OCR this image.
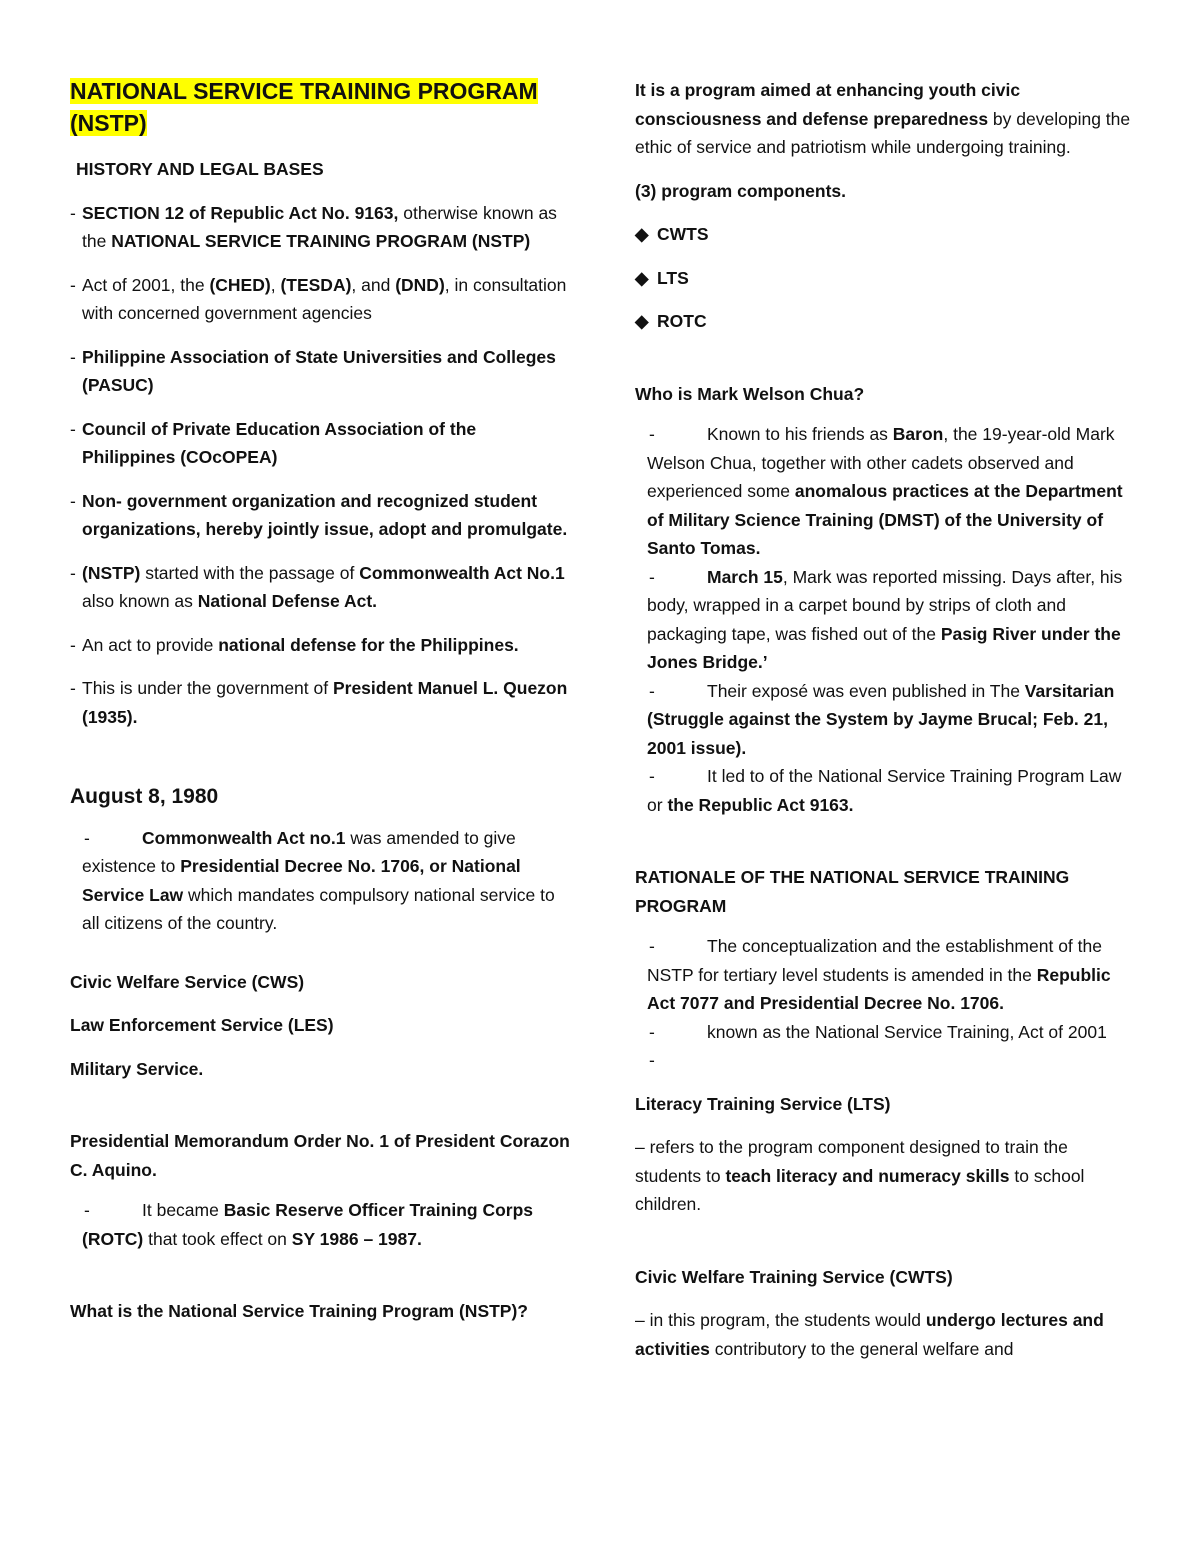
NATIONAL SERVICE TRAINING PROGRAM (NSTP)

HISTORY AND LEGAL BASES

- SECTION 12 of Republic Act No. 9163, otherwise known as the NATIONAL SERVICE TRAINING PROGRAM (NSTP)

- Act of 2001, the (CHED), (TESDA), and (DND), in consultation with concerned government agencies

- Philippine Association of State Universities and Colleges (PASUC)

- Council of Private Education Association of the Philippines (COcOPEA)

- Non- government organization and recognized student organizations, hereby jointly issue, adopt and promulgate.

- (NSTP) started with the passage of Commonwealth Act No.1 also known as National Defense Act.

- An act to provide national defense for the Philippines.

- This is under the government of President Manuel L. Quezon (1935).

August 8, 1980

-	Commonwealth Act no.1 was amended to give existence to Presidential Decree No. 1706, or National Service Law which mandates compulsory national service to all citizens of the country.

Civic Welfare Service (CWS)

Law Enforcement Service (LES)

Military Service.

Presidential Memorandum Order No. 1 of President Corazon C. Aquino.

-	It became Basic Reserve Officer Training Corps (ROTC) that took effect on SY 1986 – 1987.

What is the National Service Training Program (NSTP)?

It is a program aimed at enhancing youth civic consciousness and defense preparedness by developing the ethic of service and patriotism while undergoing training.

(3) program components.

◆ CWTS

◆ LTS

◆ ROTC

Who is Mark Welson Chua?

-	Known to his friends as Baron, the 19-year-old Mark Welson Chua, together with other cadets observed and experienced some anomalous practices at the Department of Military Science Training (DMST) of the University of Santo Tomas.

-	March 15, Mark was reported missing. Days after, his body, wrapped in a carpet bound by strips of cloth and packaging tape, was fished out of the Pasig River under the Jones Bridge.’

-	Their exposé was even published in The Varsitarian (Struggle against the System by Jayme Brucal; Feb. 21, 2001 issue).

-	It led to of the National Service Training Program Law or the Republic Act 9163.

RATIONALE OF THE NATIONAL SERVICE TRAINING PROGRAM

-	The conceptualization and the establishment of the NSTP for tertiary level students is amended in the Republic Act 7077 and Presidential Decree No. 1706.

-	known as the National Service Training, Act of 2001

-

Literacy Training Service (LTS)

– refers to the program component designed to train the students to teach literacy and numeracy skills to school children.

Civic Welfare Training Service (CWTS)

– in this program, the students would undergo lectures and activities contributory to the general welfare and
